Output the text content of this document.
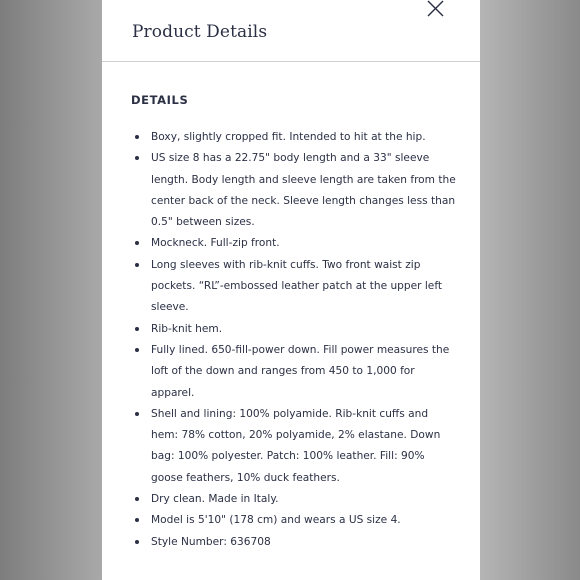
Product Details
DETAILS
Boxy, slightly cropped fit. Intended to hit at the hip.
US size 8 has a 22.75" body length and a 33" sleeve length. Body length and sleeve length are taken from the center back of the neck. Sleeve length changes less than 0.5" between sizes.
Mockneck. Full-zip front.
Long sleeves with rib-knit cuffs. Two front waist zip pockets. “RL”-embossed leather patch at the upper left sleeve.
Rib-knit hem.
Fully lined. 650-fill-power down. Fill power measures the loft of the down and ranges from 450 to 1,000 for apparel.
Shell and lining: 100% polyamide. Rib-knit cuffs and hem: 78% cotton, 20% polyamide, 2% elastane. Down bag: 100% polyester. Patch: 100% leather. Fill: 90% goose feathers, 10% duck feathers.
Dry clean. Made in Italy.
Model is 5'10" (178 cm) and wears a US size 4.
Style Number: 636708
